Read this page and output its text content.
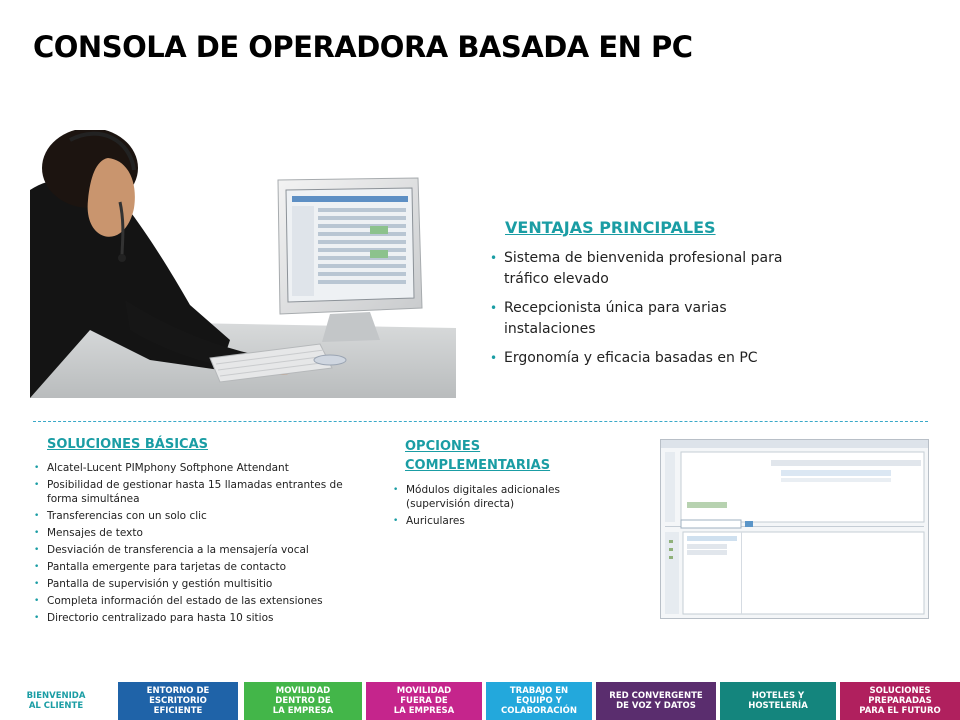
CONSOLA DE OPERADORA BASADA EN PC
VENTAJAS PRINCIPALES
• Sistema de bienvenida profesional para tráfico elevado
• Recepcionista única para varias instalaciones
• Ergonomía y eficacia basadas en PC
SOLUCIONES BÁSICAS
• Alcatel-Lucent PIMphony Softphone Attendant
• Posibilidad de gestionar hasta 15 llamadas entrantes de forma simultánea
• Transferencias con un solo clic
• Mensajes de texto
• Desviación de transferencia a la mensajería vocal
• Pantalla emergente para tarjetas de contacto
• Pantalla de supervisión y gestión multisitio
• Completa información del estado de las extensiones
• Directorio centralizado para hasta 10 sitios
OPCIONES COMPLEMENTARIAS
• Módulos digitales adicionales (supervisión directa)
• Auriculares
BIENVENIDA
AL CLIENTE
ENTORNO DE
ESCRITORIO
EFICIENTE
MOVILIDAD
DENTRO DE
LA EMPRESA
MOVILIDAD
FUERA DE
LA EMPRESA
TRABAJO EN
EQUIPO Y
COLABORACIÓN
RED CONVERGENTE
DE VOZ Y DATOS
HOTELES Y
HOSTELERÍA
SOLUCIONES
PREPARADAS
PARA EL FUTURO
